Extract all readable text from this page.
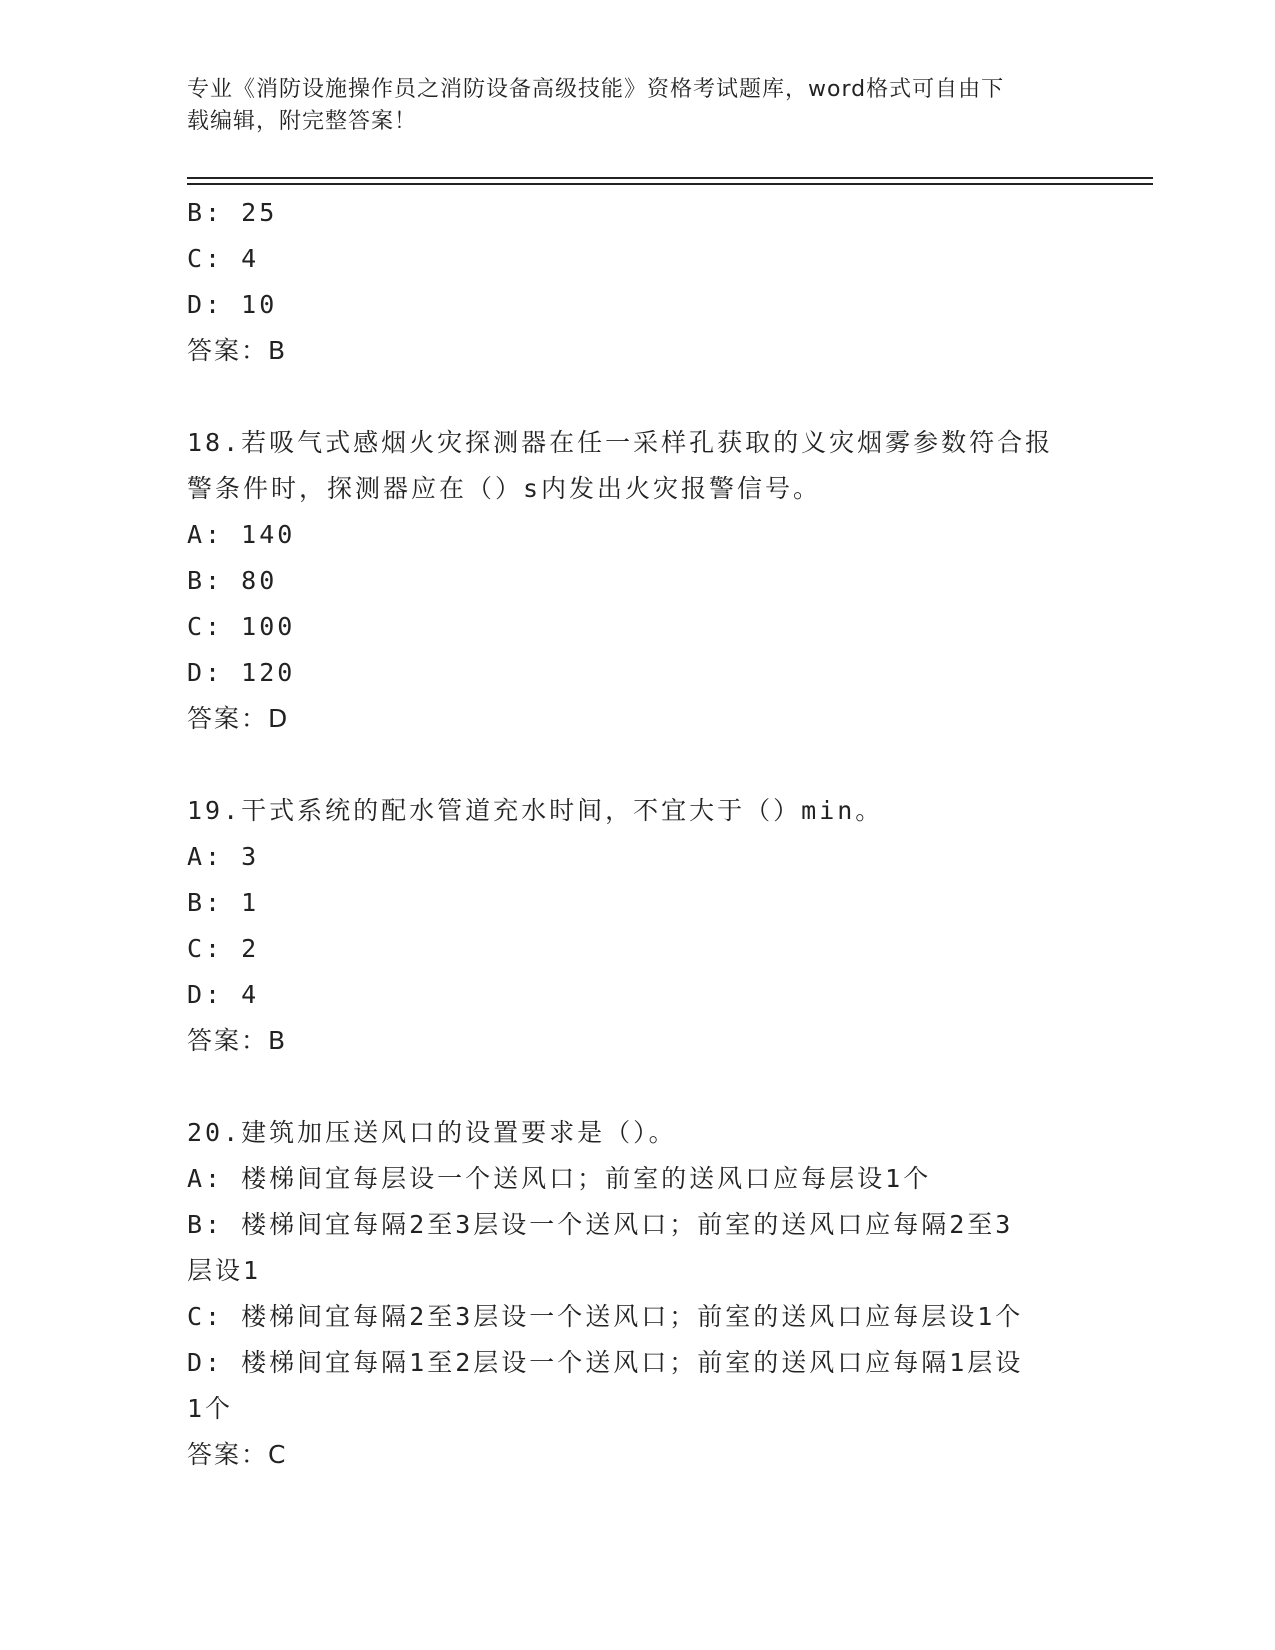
专业《消防设施操作员之消防设备高级技能》资格考试题库，word格式可自由下
载编辑，附完整答案！
B: 25
C: 4
D: 10
答案：B
18.若吸气式感烟火灾探测器在任一采样孔获取的义灾烟雾参数符合报
警条件时，探测器应在（）s内发出火灾报警信号。
A: 140
B: 80
C: 100
D: 120
答案：D
19.干式系统的配水管道充水时间，不宜大于（）min。
A: 3
B: 1
C: 2
D: 4
答案：B
20.建筑加压送风口的设置要求是（）。
A: 楼梯间宜每层设一个送风口；前室的送风口应每层设1个
B: 楼梯间宜每隔2至3层设一个送风口；前室的送风口应每隔2至3
层设1
C: 楼梯间宜每隔2至3层设一个送风口；前室的送风口应每层设1个
D: 楼梯间宜每隔1至2层设一个送风口；前室的送风口应每隔1层设
1个
答案：C
